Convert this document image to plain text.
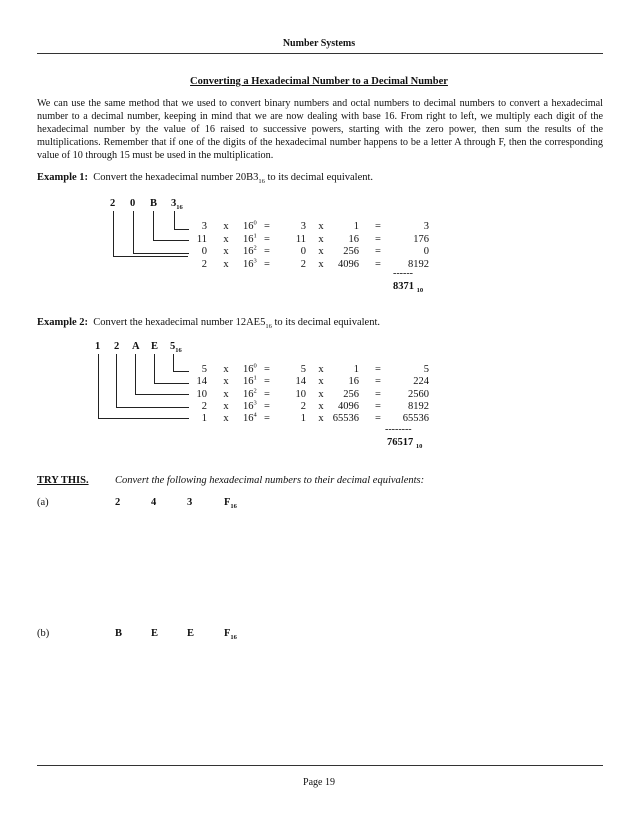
Number Systems
Converting a Hexadecimal Number to a Decimal Number
We can use the same method that we used to convert binary numbers and octal numbers to decimal numbers to convert a hexadecimal number to a decimal number, keeping in mind that we are now dealing with base 16. From right to left, we multiply each digit of the hexadecimal number by the value of 16 raised to successive powers, starting with the zero power, then sum the results of the multiplications. Remember that if one of the digits of the hexadecimal number happens to be a letter A through F, then the corresponding value of 10 through 15 must be used in the multiplication.
Example 1: Convert the hexadecimal number $20B3_{16}$ to its decimal equivalent.
2 0 B $3_{16}$
3 x $16^0$ =	3 x	1 =	3
11 x $16^1$ =	11 x	16 =	176
0 x $16^2$ =	0 x	256 =	0
2 x $16^3$ =	2 x	4096 =	8192
------
8371 $_{10}$
Example 2: Convert the hexadecimal number $12AE5_{16}$ to its decimal equivalent.
1 2 A E $5_{16}$
5 x $16^0$ =	5 x	1 =	5
14 x $16^1$ =	14 x	16 =	224
10 x $16^2$ =	10 x	256 =	2560
2 x $16^3$ =	2 x	4096 =	8192
1 x $16^4$ =	1 x 65536 =	65536
--------
76517 $_{10}$
TRY THIS.	Convert the following hexadecimal numbers to their decimal equivalents:
(a)	2	4	3	$F_{16}$
(b)	B	E	E	$F_{16}$
Page 19
